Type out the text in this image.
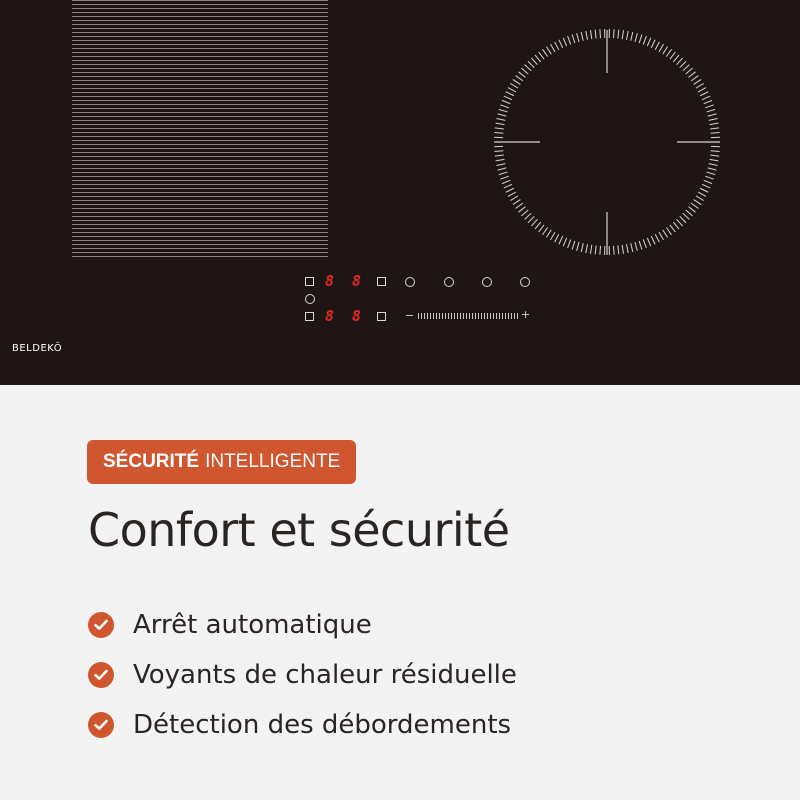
8 8
8 8	−	+
BELDEKÔ
SÉCURITÉ INTELLIGENTE
Confort et sécurité
Arrêt automatique
Voyants de chaleur résiduelle
Détection des débordements
